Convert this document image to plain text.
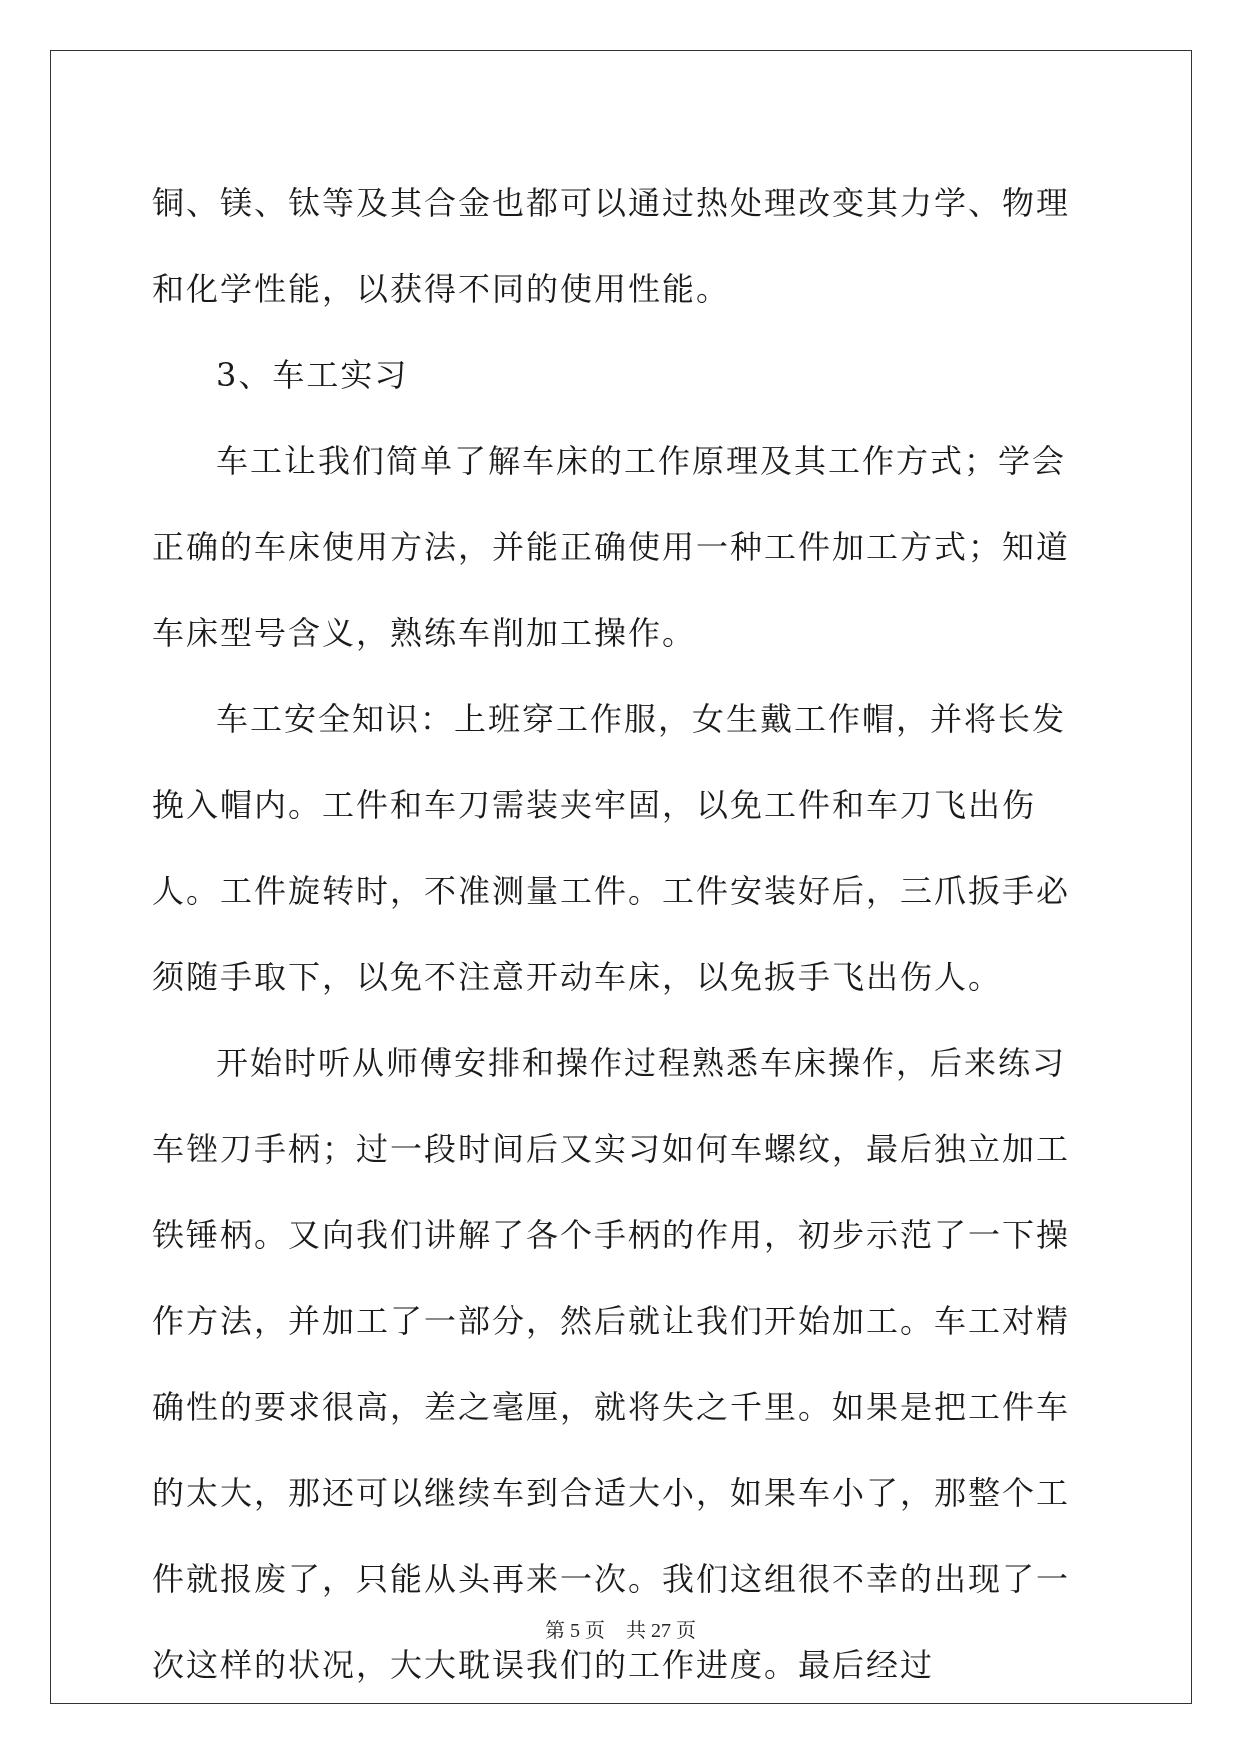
铜、镁、钛等及其合金也都可以通过热处理改变其力学、物理和化学性能，以获得不同的使用性能。

3、车工实习

车工让我们简单了解车床的工作原理及其工作方式；学会正确的车床使用方法，并能正确使用一种工件加工方式；知道车床型号含义，熟练车削加工操作。

车工安全知识：上班穿工作服，女生戴工作帽，并将长发挽入帽内。工件和车刀需装夹牢固，以免工件和车刀飞出伤人。工件旋转时，不准测量工件。工件安装好后，三爪扳手必须随手取下，以免不注意开动车床，以免扳手飞出伤人。

开始时听从师傅安排和操作过程熟悉车床操作，后来练习车锉刀手柄；过一段时间后又实习如何车螺纹，最后独立加工铁锤柄。又向我们讲解了各个手柄的作用，初步示范了一下操作方法，并加工了一部分，然后就让我们开始加工。车工对精确性的要求很高，差之毫厘，就将失之千里。如果是把工件车的太大，那还可以继续车到合适大小，如果车小了，那整个工件就报废了，只能从头再来一次。我们这组很不幸的出现了一次这样的状况，大大耽误我们的工作进度。最后经过

第 5 页 共 27 页
